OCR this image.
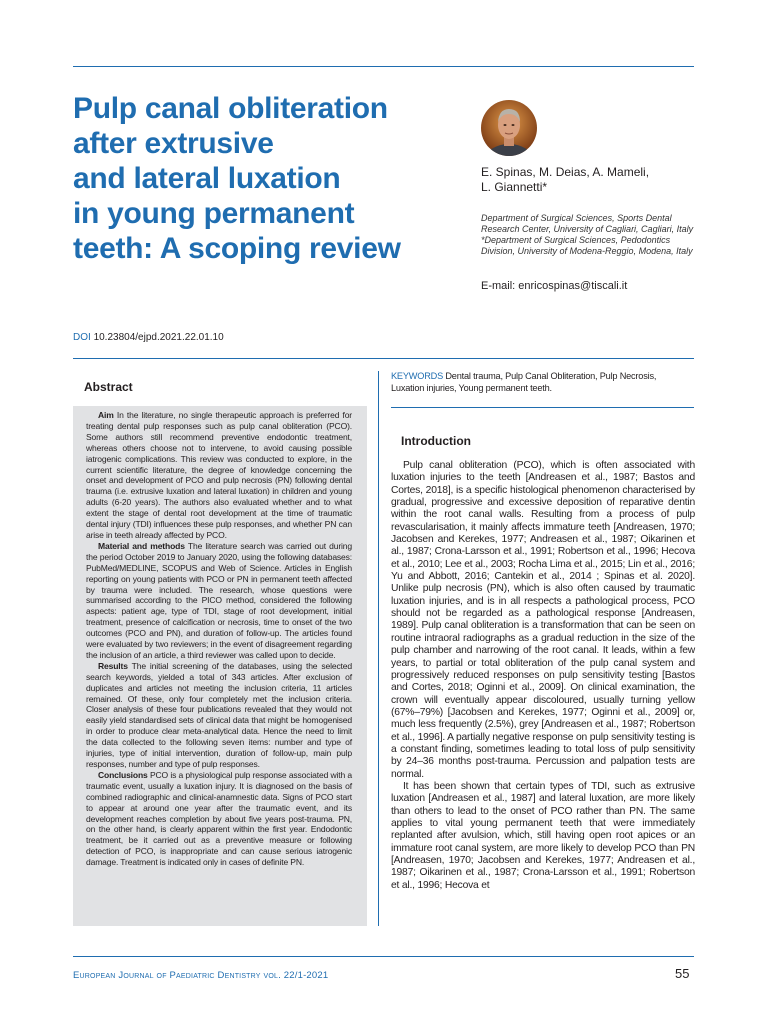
Pulp canal obliteration
after extrusive
and lateral luxation
in young permanent
teeth: A scoping review
E. Spinas, M. Deias, A. Mameli,
L. Giannetti*
Department of Surgical Sciences, Sports Dental
Research Center, University of Cagliari, Cagliari, Italy
*Department of Surgical Sciences, Pedodontics
Division, University of Modena-Reggio, Modena, Italy
E-mail: enricospinas@tiscali.it
DOI 10.23804/ejpd.2021.22.01.10
Abstract

Aim In the literature, no single therapeutic approach is preferred for treating dental pulp responses such as pulp canal obliteration (PCO). Some authors still recommend preventive endodontic treatment, whereas others choose not to intervene, to avoid causing possible iatrogenic complications. This review was conducted to explore, in the current scientific literature, the degree of knowledge concerning the onset and development of PCO and pulp necrosis (PN) following dental trauma (i.e. extrusive luxation and lateral luxation) in children and young adults (6-20 years). The authors also evaluated whether and to what extent the stage of dental root development at the time of traumatic dental injury (TDI) influences these pulp responses, and whether PN can arise in teeth already affected by PCO.

Material and methods The literature search was carried out during the period October 2019 to January 2020, using the following databases: PubMed/MEDLINE, SCOPUS and Web of Science. Articles in English reporting on young patients with PCO or PN in permanent teeth affected by trauma were included. The research, whose questions were summarised according to the PICO method, considered the following aspects: patient age, type of TDI, stage of root development, initial treatment, presence of calcification or necrosis, time to onset of the two outcomes (PCO and PN), and duration of follow-up. The articles found were evaluated by two reviewers; in the event of disagreement regarding the inclusion of an article, a third reviewer was called upon to decide.

Results The initial screening of the databases, using the selected search keywords, yielded a total of 343 articles. After exclusion of duplicates and articles not meeting the inclusion criteria, 11 articles remained. Of these, only four completely met the inclusion criteria. Closer analysis of these four publications revealed that they would not easily yield standardised sets of clinical data that might be homogenised in order to produce clear meta-analytical data. Hence the need to limit the data collected to the following seven items: number and type of injuries, type of initial intervention, duration of follow-up, main pulp responses, number and type of pulp responses.

Conclusions PCO is a physiological pulp response associated with a traumatic event, usually a luxation injury. It is diagnosed on the basis of combined radiographic and clinical-anamnestic data. Signs of PCO start to appear at around one year after the traumatic event, and its development reaches completion by about five years post-trauma. PN, on the other hand, is clearly apparent within the first year. Endodontic treatment, be it carried out as a preventive measure or following detection of PCO, is inappropriate and can cause serious iatrogenic damage. Treatment is indicated only in cases of definite PN.

KEYWORDS Dental trauma, Pulp Canal Obliteration, Pulp Necrosis, Luxation injuries, Young permanent teeth.
Introduction

Pulp canal obliteration (PCO), which is often associated with luxation injuries to the teeth [Andreasen et al., 1987; Bastos and Cortes, 2018], is a specific histological phenomenon characterised by gradual, progressive and excessive deposition of reparative dentin within the root canal walls. Resulting from a process of pulp revascularisation, it mainly affects immature teeth [Andreasen, 1970; Jacobsen and Kerekes, 1977; Andreasen et al., 1987; Oikarinen et al., 1987; Crona-Larsson et al., 1991; Robertson et al., 1996; Hecova et al., 2010; Lee et al., 2003; Rocha Lima et al., 2015; Lin et al., 2016; Yu and Abbott, 2016; Cantekin et al., 2014 ; Spinas et al. 2020]. Unlike pulp necrosis (PN), which is also often caused by traumatic luxation injuries, and is in all respects a pathological process, PCO should not be regarded as a pathological response [Andreasen, 1989]. Pulp canal obliteration is a transformation that can be seen on routine intraoral radiographs as a gradual reduction in the size of the pulp chamber and narrowing of the root canal. It leads, within a few years, to partial or total obliteration of the pulp canal system and progressively reduced responses on pulp sensitivity testing [Bastos and Cortes, 2018; Oginni et al., 2009]. On clinical examination, the crown will eventually appear discoloured, usually turning yellow (67%–79%) [Jacobsen and Kerekes, 1977; Oginni et al., 2009] or, much less frequently (2.5%), grey [Andreasen et al., 1987; Robertson et al., 1996]. A partially negative response on pulp sensitivity testing is a constant finding, sometimes leading to total loss of pulp sensitivity by 24–36 months post-trauma. Percussion and palpation tests are normal.

It has been shown that certain types of TDI, such as extrusive luxation [Andreasen et al., 1987] and lateral luxation, are more likely than others to lead to the onset of PCO rather than PN. The same applies to vital young permanent teeth that were immediately replanted after avulsion, which, still having open root apices or an immature root canal system, are more likely to develop PCO than PN [Andreasen, 1970; Jacobsen and Kerekes, 1977; Andreasen et al., 1987; Oikarinen et al., 1987; Crona-Larsson et al., 1991; Robertson et al., 1996; Hecova et

European Journal of Paediatric Dentistry vol. 22/1-2021	55
